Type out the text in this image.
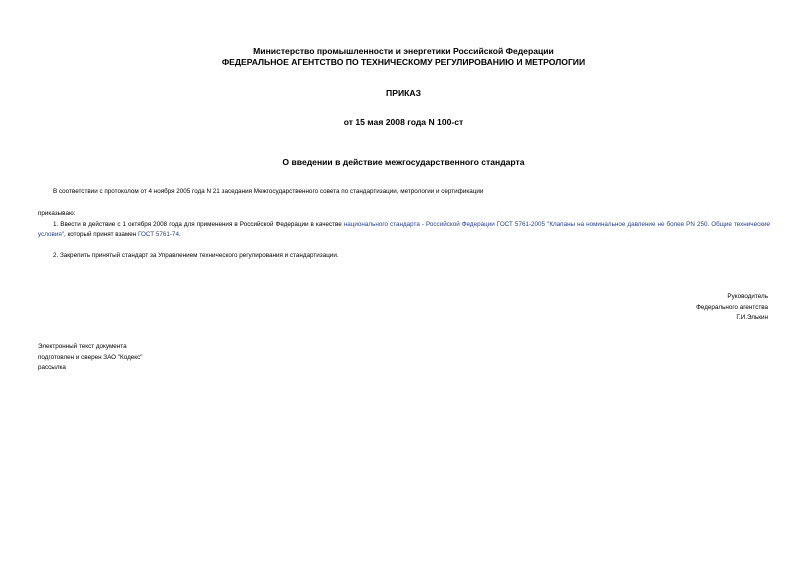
Министерство промышленности и энергетики Российской Федерации
ФЕДЕРАЛЬНОЕ АГЕНТСТВО ПО ТЕХНИЧЕСКОМУ РЕГУЛИРОВАНИЮ И МЕТРОЛОГИИ
ПРИКАЗ
от 15 мая 2008 года N 100-ст
О введении в действие межгосударственного стандарта
В соответствии с протоколом от 4 ноября 2005 года N 21 заседания Межгосударственного совета по стандартизации, метрологии и сертификации
приказываю:
1. Ввести в действие с 1 октября 2008 года для применения в Российской Федерации в качестве национального стандарта - Российской Федерации ГОСТ 5761-2005 "Клапаны на номинальное давление не более PN 250. Общие технические условия", который принят взамен ГОСТ 5761-74.
2. Закрепить принятый стандарт за Управлением технического регулирования и стандартизации.
Руководитель
Федерального агентства
Г.И.Элькин
Электронный текст документа
подготовлен и сверен ЗАО "Кодекс"
рассылка
